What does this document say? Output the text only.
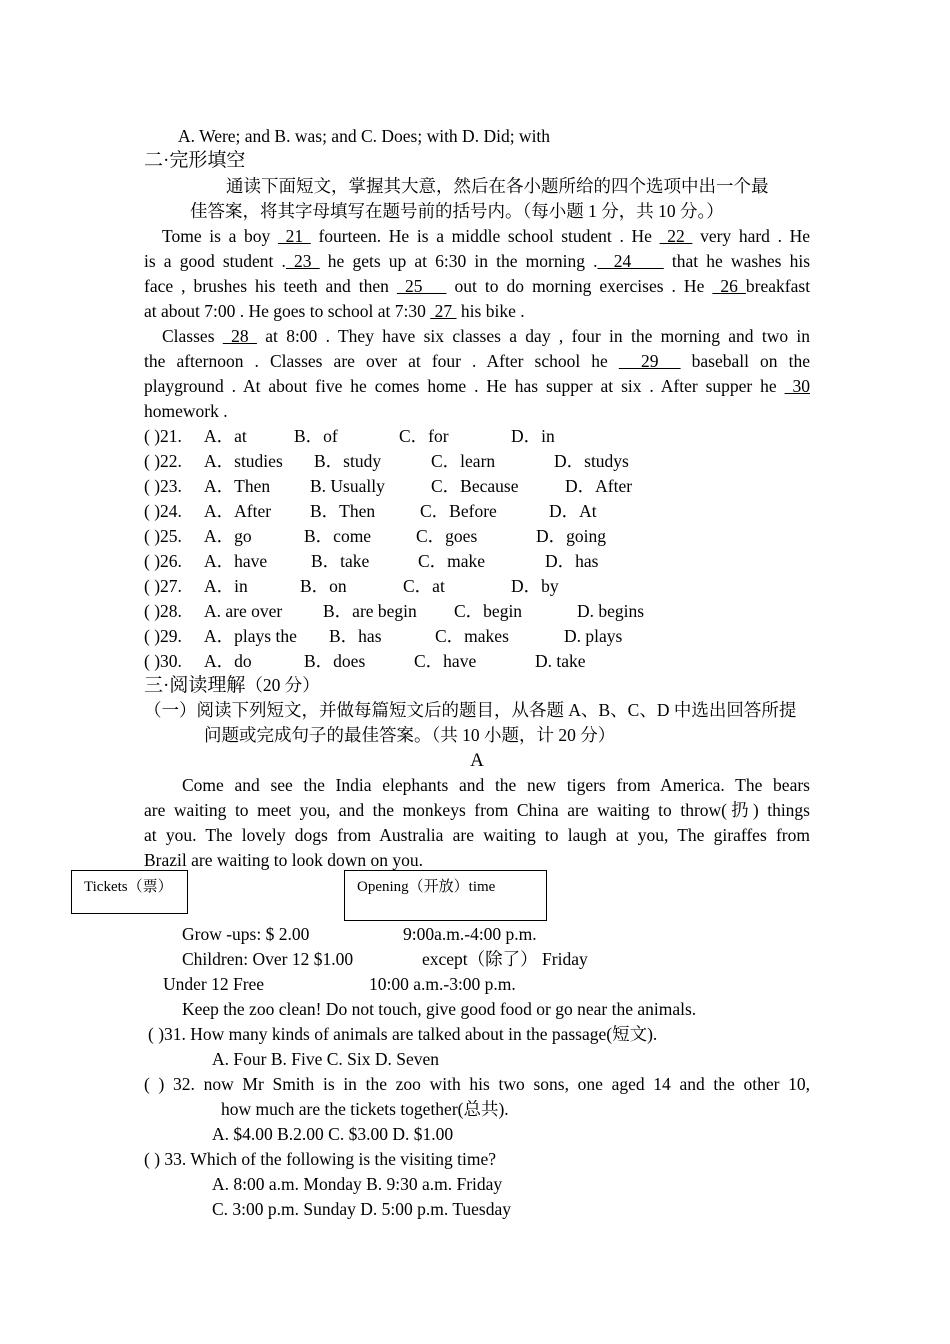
A. Were; and B. was; and C. Does; with D. Did; with
二·完形填空
通读下面短文，掌握其大意，然后在各小题所给的四个选项中出一个最
佳答案，将其字母填写在题号前的括号内。（每小题 1 分，共 10 分。）
Tome is a boy  21  fourteen. He is a middle school student . He  22  very hard . He
is a good student . 23  he gets up at 6:30 in the morning .  24     that he washes his
face , brushes his teeth and then  25    out to do morning exercises . He  26 breakfast
at about 7:00 . He goes to school at 7:30  27  his bike .
Classes  28  at 8:00 . They have six classes a day , four in the morning and two in
the afternoon . Classes are over at four . After school he   29   baseball on the
playground . At about five he comes home . He has supper at six . After supper he  30
homework .
( )21. A．at	B．of	C．for	D．in
( )22. A．studies B．study	C．learn	D．studys
( )23. A．Then B. Usually	C．Because	D．After
( )24. A．After B．Then	C．Before	D．At
( )25. A．go	B．come	C．goes	D．going
( )26. A．have	B．take	C．make	D．has
( )27. A．in	B．on	C．at	D．by
( )28. A. are over B．are begin C．begin	D. begins
( )29. A．plays the B．has	C．makes	D. plays
( )30. A．do	B．does	C．have	D. take
三·阅读理解（20 分）
（一）阅读下列短文，并做每篇短文后的题目，从各题 A、B、C、D 中选出回答所提
问题或完成句子的最佳答案。（共 10 小题，计 20 分）
A
Come and see the India elephants and the new tigers from America. The bears
are waiting to meet you, and the monkeys from China are waiting to throw(扔) things
at you. The lovely dogs from Australia are waiting to laugh at you, The giraffes from
Brazil are waiting to look down on you.
Tickets（票）	Opening（开放）time
Grow -ups: $ 2.00	9:00a.m.-4:00 p.m.
Children: Over 12 $1.00	except（除了） Friday
Under 12 Free	10:00 a.m.-3:00 p.m.
Keep the zoo clean! Do not touch, give good food or go near the animals.
( )31. How many kinds of animals are talked about in the passage(短文).
A. Four B. Five C. Six D. Seven
( ) 32. now Mr Smith is in the zoo with his two sons, one aged 14 and the other 10,
how much are the tickets together(总共).
A. $4.00 B.2.00 C. $3.00 D. $1.00
( ) 33. Which of the following is the visiting time?
A. 8:00 a.m. Monday B. 9:30 a.m. Friday
C. 3:00 p.m. Sunday D. 5:00 p.m. Tuesday
